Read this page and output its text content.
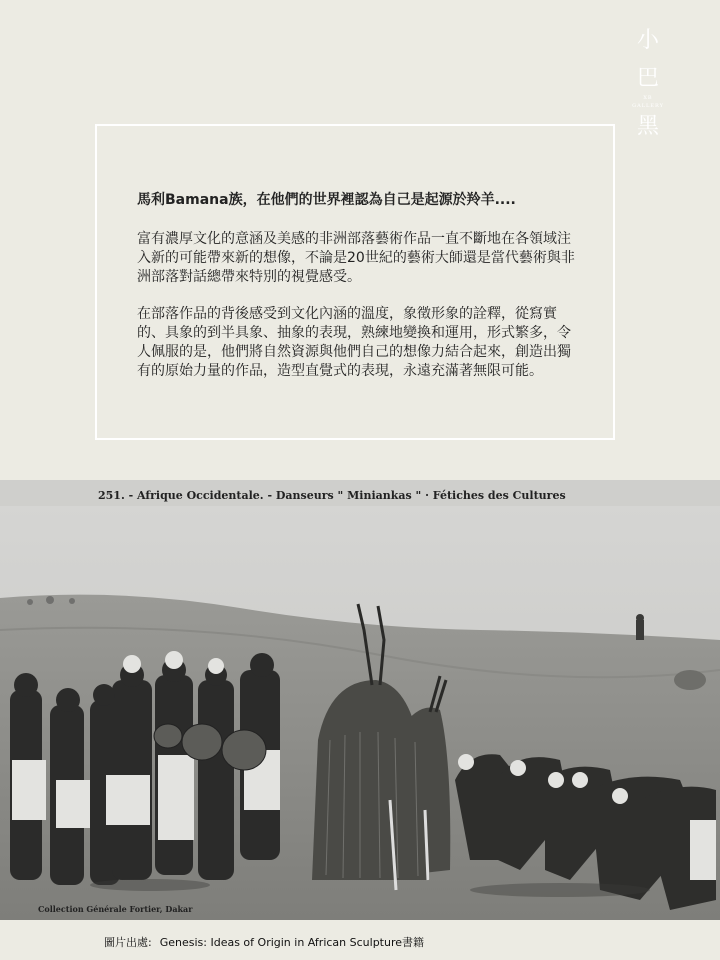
小
巴
XB GALLERY
黑

馬利Bamana族，在他們的世界裡認為自己是起源於羚羊....

富有濃厚文化的意涵及美感的非洲部落藝術作品一直不斷地在各領域注入新的可能帶來新的想像，不論是20世紀的藝術大師還是當代藝術與非洲部落對話總帶來特別的視覺感受。

在部落作品的背後感受到文化內涵的溫度，象徵形象的詮釋，從寫實的、具象的到半具象、抽象的表現，熟練地變換和運用，形式繁多，令人佩服的是，他們將自然資源與他們自己的想像力結合起來，創造出獨有的原始力量的作品，造型直覺式的表現，永遠充滿著無限可能。

251. - Afrique Occidentale. - Danseurs " Miniankas " · Fétiches des Cultures
Collection Générale Fortier, Dakar
圖片出處: Genesis: Ideas of Origin in African Sculpture書籍
